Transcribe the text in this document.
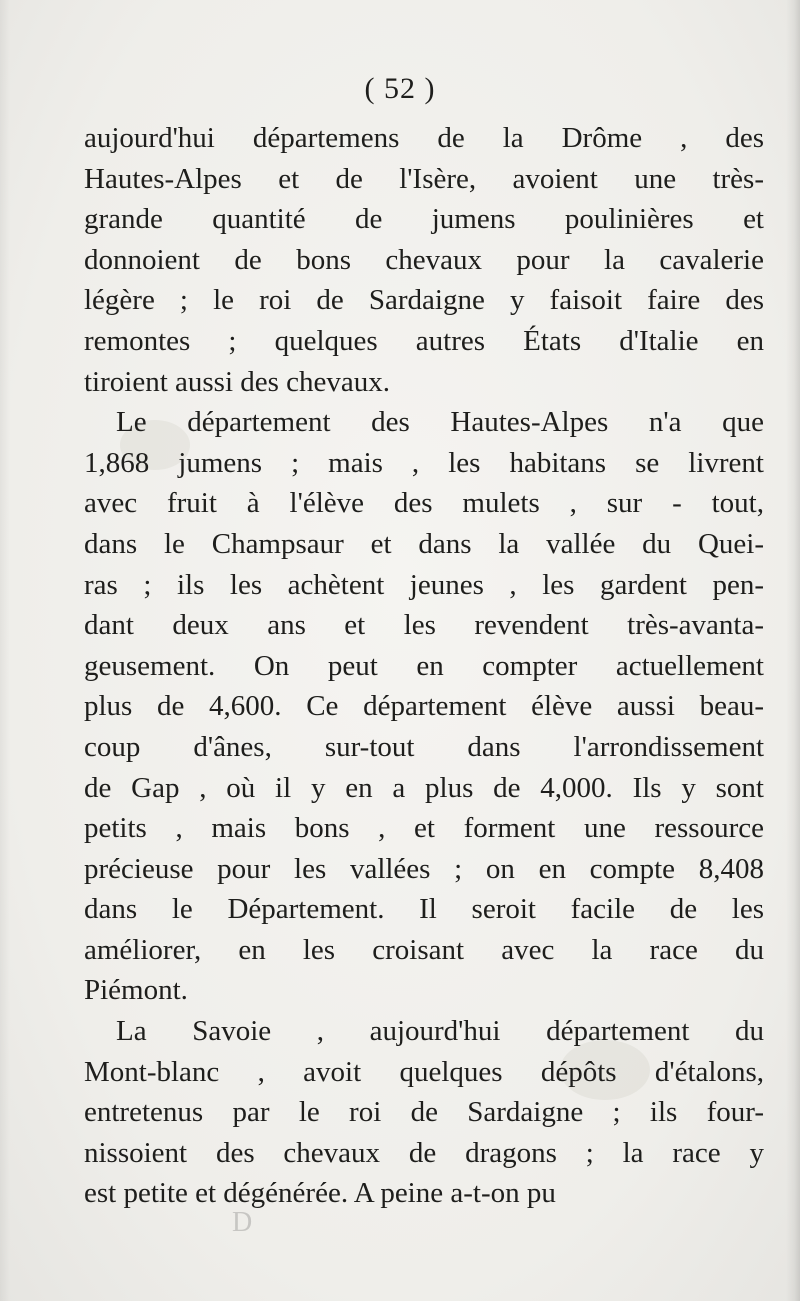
( 52 )
aujourd'hui départemens de la Drôme , des
Hautes-Alpes et de l'Isère, avoient une très-
grande quantité de jumens poulinières et
donnoient de bons chevaux pour la cavalerie
légère ; le roi de Sardaigne y faisoit faire des
remontes ; quelques autres États d'Italie en
tiroient aussi des chevaux.
Le département des Hautes-Alpes n'a que
1,868 jumens ; mais , les habitans se livrent
avec fruit à l'élève des mulets , sur - tout,
dans le Champsaur et dans la vallée du Quei-
ras ; ils les achètent jeunes , les gardent pen-
dant deux ans et les revendent très-avanta-
geusement. On peut en compter actuellement
plus de 4,600. Ce département élève aussi beau-
coup d'ânes, sur-tout dans l'arrondissement
de Gap , où il y en a plus de 4,000. Ils y sont
petits , mais bons , et forment une ressource
précieuse pour les vallées ; on en compte 8,408
dans le Département. Il seroit facile de les
améliorer, en les croisant avec la race du
Piémont.
La Savoie , aujourd'hui département du
Mont-blanc , avoit quelques dépôts d'étalons,
entretenus par le roi de Sardaigne ; ils four-
nissoient des chevaux de dragons ; la race y
est petite et dégénérée. A peine a-t-on pu
D
